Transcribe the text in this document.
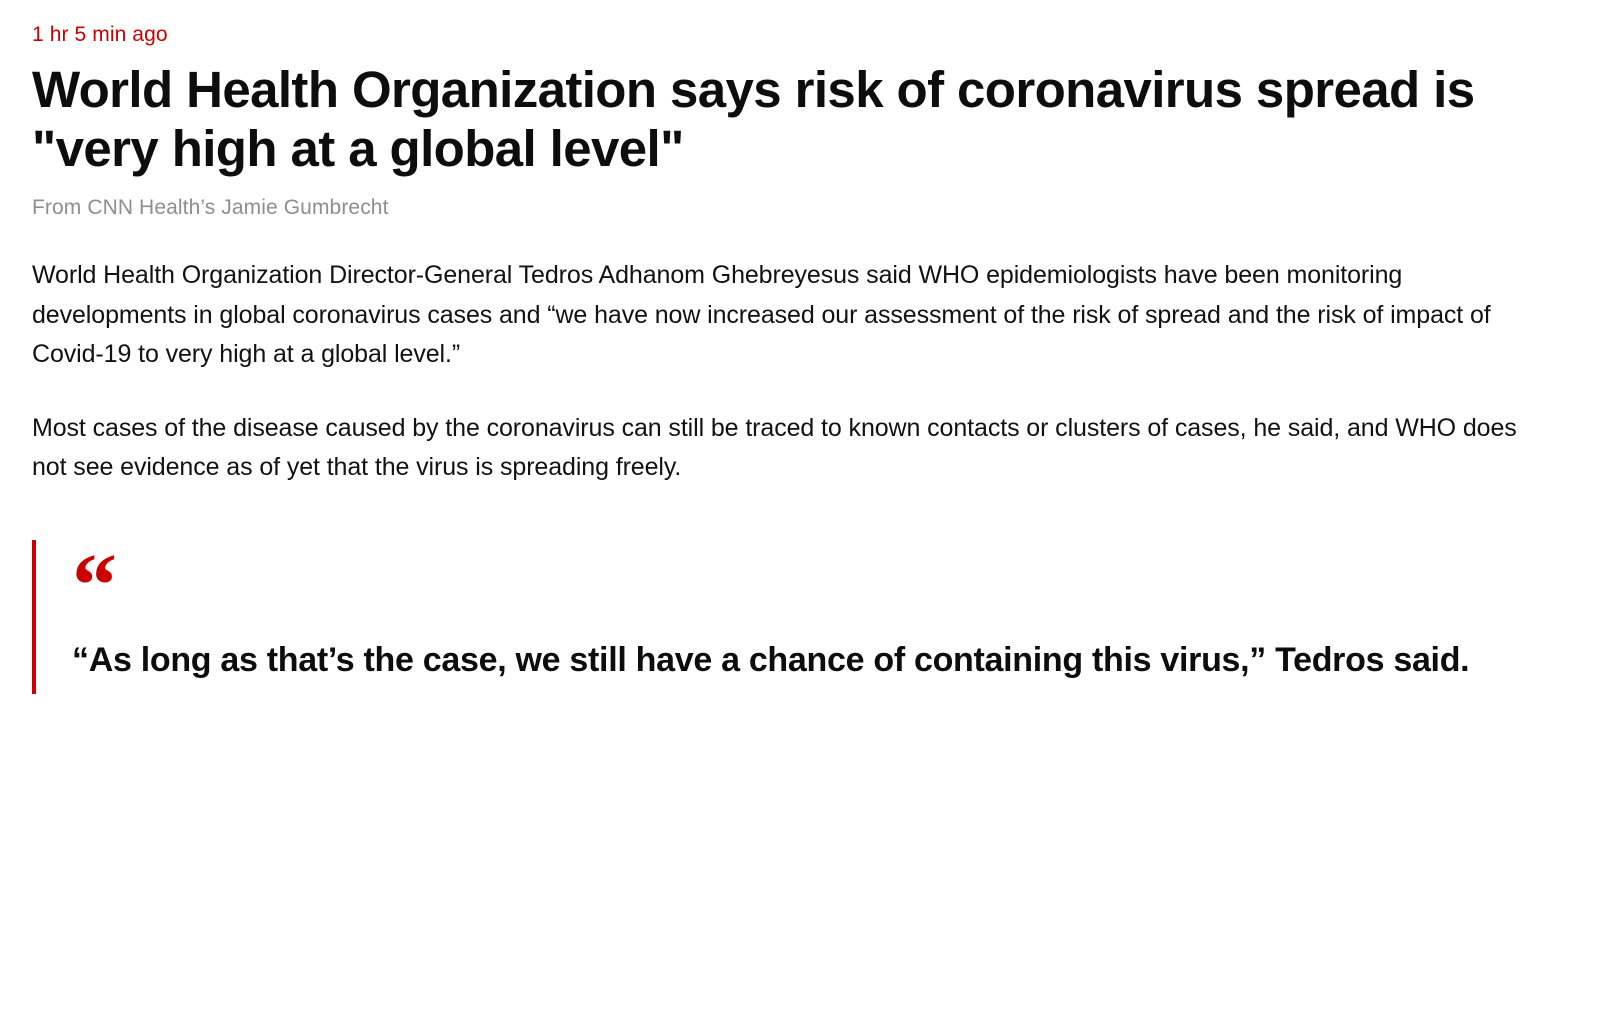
1 hr 5 min ago
World Health Organization says risk of coronavirus spread is "very high at a global level"
From CNN Health’s Jamie Gumbrecht

World Health Organization Director-General Tedros Adhanom Ghebreyesus said WHO epidemiologists have been monitoring developments in global coronavirus cases and “we have now increased our assessment of the risk of spread and the risk of impact of Covid-19 to very high at a global level.”

Most cases of the disease caused by the coronavirus can still be traced to known contacts or clusters of cases, he said, and WHO does not see evidence as of yet that the virus is spreading freely.

“
“As long as that’s the case, we still have a chance of containing this virus,” Tedros said.
